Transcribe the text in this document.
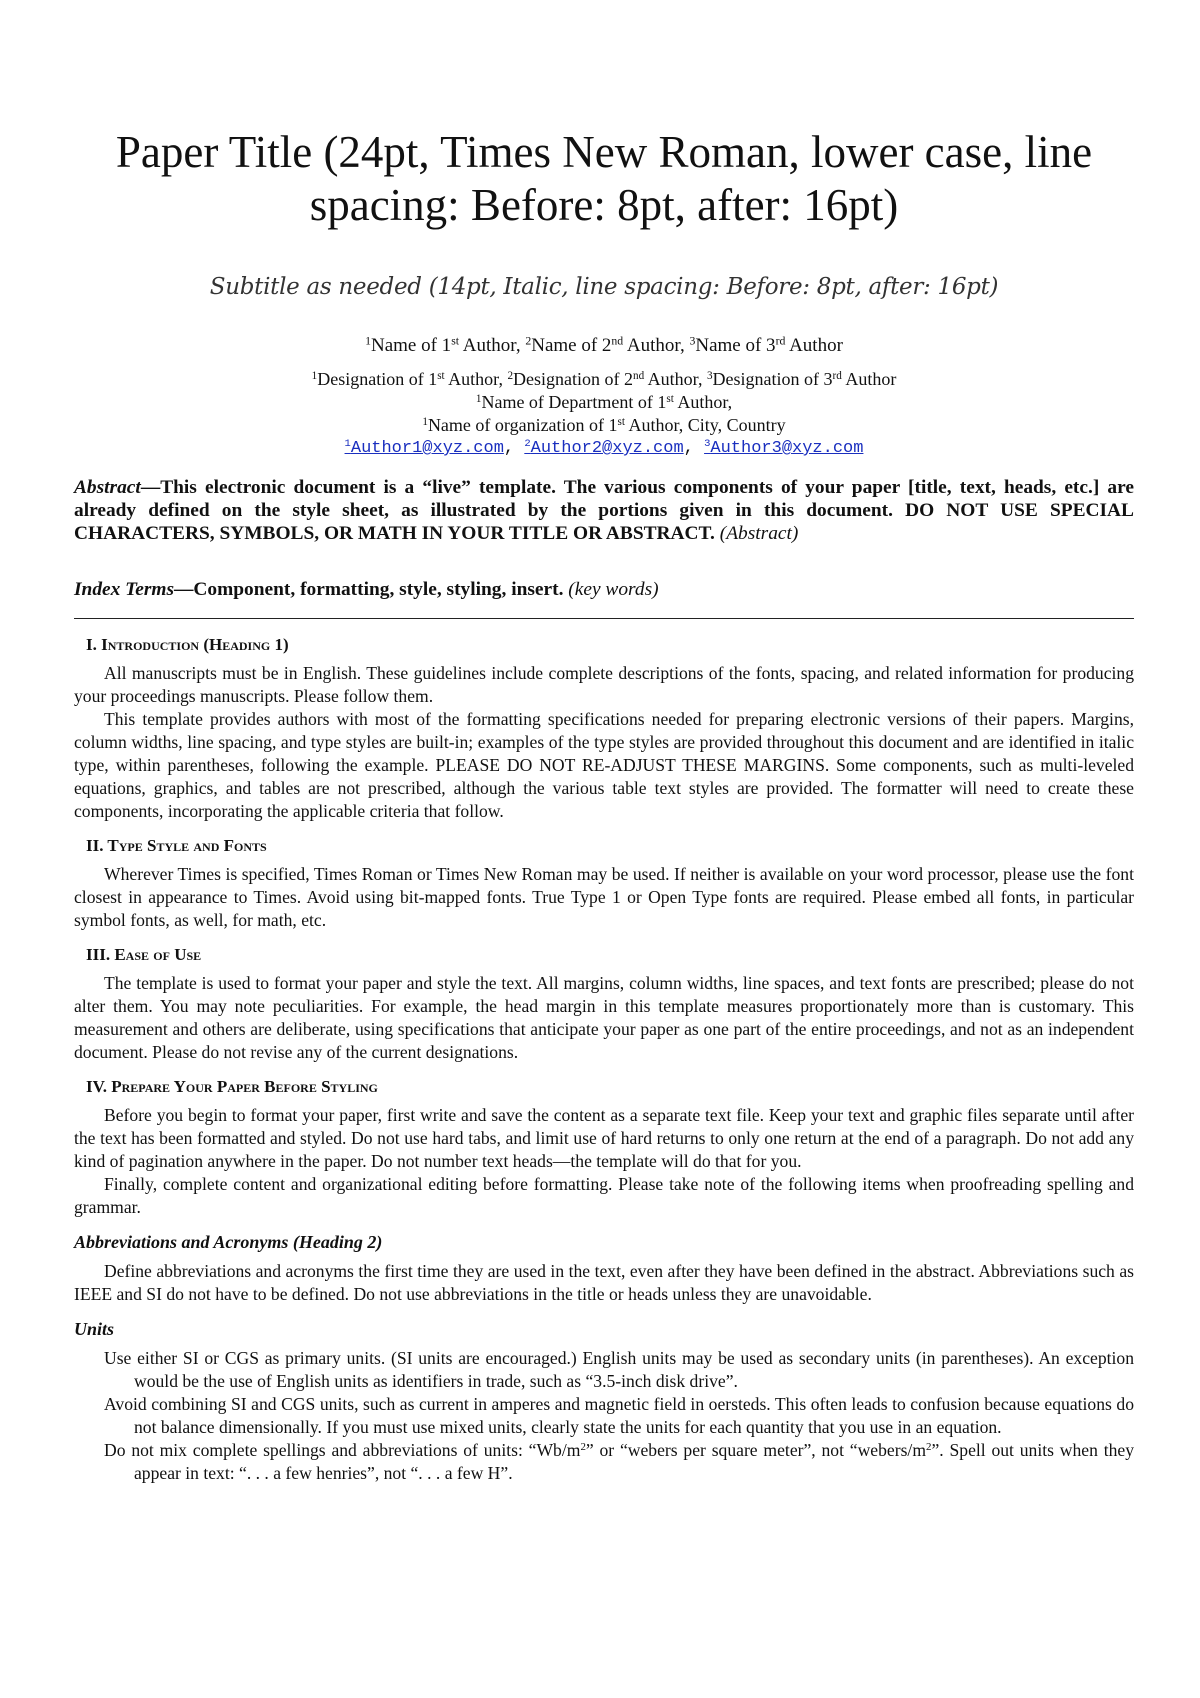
Paper Title (24pt, Times New Roman, lower case, line spacing: Before: 8pt, after: 16pt)
Subtitle as needed (14pt, Italic, line spacing: Before: 8pt, after: 16pt)
$^1$Name of 1st Author, $^2$Name of 2nd Author, $^3$Name of 3rd Author
$^1$Designation of 1st Author, $^2$Designation of 2nd Author, $^3$Designation of 3rd Author
$^1$Name of Department of 1st Author,
$^1$Name of organization of 1st Author, City, Country
$^1$Author1@xyz.com, $^2$Author2@xyz.com, $^3$Author3@xyz.com
Abstract—This electronic document is a “live” template. The various components of your paper [title, text, heads, etc.] are already defined on the style sheet, as illustrated by the portions given in this document. DO NOT USE SPECIAL CHARACTERS, SYMBOLS, OR MATH IN YOUR TITLE OR ABSTRACT. (Abstract)
Index Terms—Component, formatting, style, styling, insert. (key words)
I. Introduction (Heading 1)

All manuscripts must be in English. These guidelines include complete descriptions of the fonts, spacing, and related information for producing your proceedings manuscripts. Please follow them.

This template provides authors with most of the formatting specifications needed for preparing electronic versions of their papers. Margins, column widths, line spacing, and type styles are built-in; examples of the type styles are provided throughout this document and are identified in italic type, within parentheses, following the example. PLEASE DO NOT RE-ADJUST THESE MARGINS. Some components, such as multi-leveled equations, graphics, and tables are not prescribed, although the various table text styles are provided. The formatter will need to create these components, incorporating the applicable criteria that follow.

II. Type Style and Fonts

Wherever Times is specified, Times Roman or Times New Roman may be used. If neither is available on your word processor, please use the font closest in appearance to Times. Avoid using bit-mapped fonts. True Type 1 or Open Type fonts are required. Please embed all fonts, in particular symbol fonts, as well, for math, etc.

III. Ease of Use

The template is used to format your paper and style the text. All margins, column widths, line spaces, and text fonts are prescribed; please do not alter them. You may note peculiarities. For example, the head margin in this template measures proportionately more than is customary. This measurement and others are deliberate, using specifications that anticipate your paper as one part of the entire proceedings, and not as an independent document. Please do not revise any of the current designations.

IV. Prepare Your Paper Before Styling

Before you begin to format your paper, first write and save the content as a separate text file. Keep your text and graphic files separate until after the text has been formatted and styled. Do not use hard tabs, and limit use of hard returns to only one return at the end of a paragraph. Do not add any kind of pagination anywhere in the paper. Do not number text heads—the template will do that for you.

Finally, complete content and organizational editing before formatting. Please take note of the following items when proofreading spelling and grammar.

Abbreviations and Acronyms (Heading 2)

Define abbreviations and acronyms the first time they are used in the text, even after they have been defined in the abstract. Abbreviations such as IEEE and SI do not have to be defined. Do not use abbreviations in the title or heads unless they are unavoidable.

Units
Use either SI or CGS as primary units. (SI units are encouraged.) English units may be used as secondary units (in parentheses). An exception would be the use of English units as identifiers in trade, such as “3.5-inch disk drive”.
Avoid combining SI and CGS units, such as current in amperes and magnetic field in oersteds. This often leads to confusion because equations do not balance dimensionally. If you must use mixed units, clearly state the units for each quantity that you use in an equation.
Do not mix complete spellings and abbreviations of units: “$Wb/m^2$” or “webers per square meter”, not “$webers/m^2$”. Spell out units when they appear in text: “. . . a few henries”, not “. . . a few H”.
